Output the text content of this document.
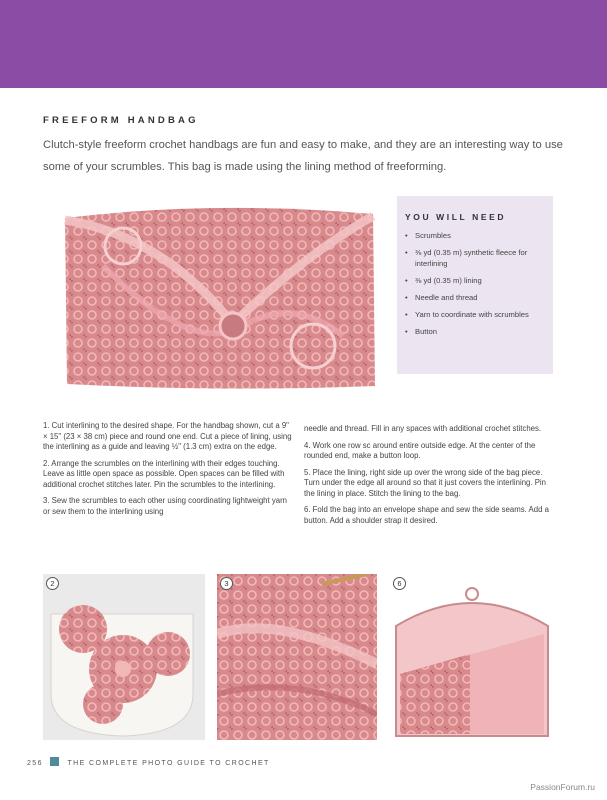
FREEFORM HANDBAG
Clutch-style freeform crochet handbags are fun and easy to make, and they are an interesting way to use some of your scrumbles. This bag is made using the lining method of freeforming.
YOU WILL NEED
• Scrumbles
• ⅜ yd (0.35 m) synthetic fleece for interlining
• ⅜ yd (0.35 m) lining
• Needle and thread
• Yarn to coordinate with scrumbles
• Button

1. Cut interlining to the desired shape. For the handbag shown, cut a 9" × 15" (23 × 38 cm) piece and round one end. Cut a piece of lining, using the interlining as a guide and leaving ½" (1.3 cm) extra on the edge.

2. Arrange the scrumbles on the interlining with their edges touching. Leave as little open space as possible. Open spaces can be filled with additional crochet stitches later. Pin the scrumbles to the interlining.

3. Sew the scrumbles to each other using coordinating lightweight yarn or sew them to the interlining using

needle and thread. Fill in any spaces with additional crochet stitches.

4. Work one row sc around entire outside edge. At the center of the rounded end, make a button loop.

5. Place the lining, right side up over the wrong side of the bag piece. Turn under the edge all around so that it just covers the interlining. Pin the lining in place. Stitch the lining to the bag.

6. Fold the bag into an envelope shape and sew the side seams. Add a button. Add a shoulder strap it desired.

2	3	6
256	THE COMPLETE PHOTO GUIDE TO CROCHET
PassionForum.ru
